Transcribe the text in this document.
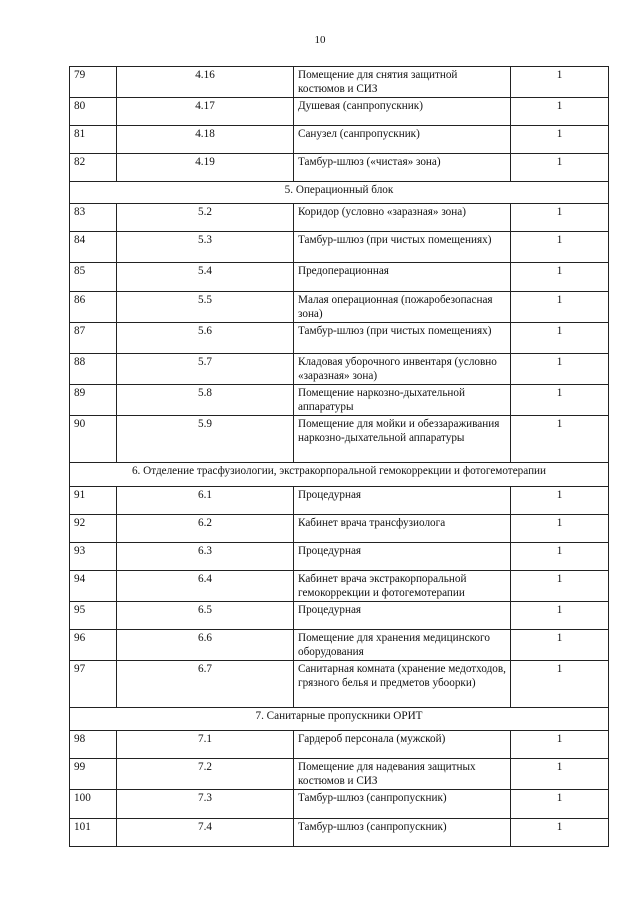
10
79	4.16	Помещение для снятия защитной костюмов и СИЗ	1
80	4.17	Душевая (санпропускник)	1
81	4.18	Санузел (санпропускник)	1
82	4.19	Тамбур-шлюз («чистая» зона)	1
5. Операционный блок			
83	5.2	Коридор (условно «заразная» зона)	1
84	5.3	Тамбур-шлюз (при чистых помещениях)	1
85	5.4	Предоперационная	1
86	5.5	Малая операционная (пожаробезопасная зона)	1
87	5.6	Тамбур-шлюз (при чистых помещениях)	1
88	5.7	Кладовая уборочного инвентаря (условно «заразная» зона)	1
89	5.8	Помещение наркозно-дыхательной аппаратуры	1
90	5.9	Помещение для мойки и обеззараживания наркозно-дыхательной аппаратуры	1
6. Отделение трасфузиологии, экстракорпоральной гемокоррекции и фотогемотерапии			
91	6.1	Процедурная	1
92	6.2	Кабинет врача трансфузиолога	1
93	6.3	Процедурная	1
94	6.4	Кабинет врача экстракорпоральной гемокоррекции и фотогемотерапии	1
95	6.5	Процедурная	1
96	6.6	Помещение для хранения медицинского оборудования	1
97	6.7	Санитарная комната (хранение медотходов, грязного белья и предметов убоорки)	1
7. Санитарные пропускники ОРИТ			
98	7.1	Гардероб персонала (мужской)	1
99	7.2	Помещение для надевания защитных костюмов и СИЗ	1
100	7.3	Тамбур-шлюз (санпропускник)	1
101	7.4	Тамбур-шлюз (санпропускник)	1
